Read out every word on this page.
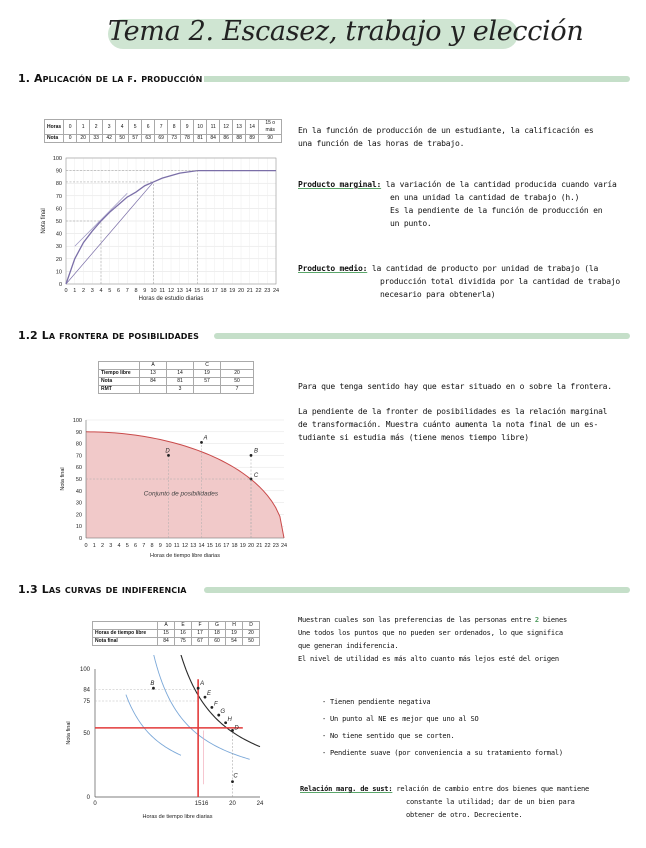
Tema 2. Escasez, trabajo y elección
1. Aplicación de la f. producción
Horas	0	1	2	3	4	5	6	7	8	9	10	11	12	13	14	15 o más
Nota	0	20	33	42	50	57	63	69	73	78	81	84	86	88	89	90
0
10
20
30
40
50
60
70
80
90
100
0 1 2 3 4 5 6 7 8 9 10 11 12 13 14 15 16 17 18 19 20 21 22 23 24
Nota final
Horas de estudio diarias
En la función de producción de un estudiante, la calificación es
una función de las horas de trabajo.
Producto marginal: la variación de la cantidad producida cuando varía
en una unidad la cantidad de trabajo (h.)
Es la pendiente de la función de producción en
un punto.
Producto medio: la cantidad de producto por unidad de trabajo (la
producción total dividida por la cantidad de trabajo
necesario para obtenerla)
1.2 La frontera de posibilidades
	A		C	
Tiempo libre	13	14	19	20
Nota	84	81	57	50
RMT		3		7
0
10
20
30
40
50
60
70
80
90
100
0 1 2 3 4 5 6 7 8 9 10 11 12 13 14 15 16 17 18 19 20 21 22 23 24
Nota final
Horas de tiempo libre diarias
Conjunto de posibilidades
D
A
B
C
Para que tenga sentido hay que estar situado en o sobre la frontera.
La pendiente de la fronter de posibilidades es la relación marginal
de transformación. Muestra cuánto aumenta la nota final de un es-
tudiante si estudia más (tiene menos tiempo libre)
1.3 Las curvas de indiferencia
	A	E	F	G	H	D
Horas de tiempo libre	15	16	17	18	19	20
Nota final	84	75	67	60	54	50
100
84
75
50
0
0	15 16	20	24
Nota final
Horas de tiempo libre diarias
B	A
E
F
G
H
D
C
Muestran cuales son las preferencias de las personas entre 2 bienes
Une todos los puntos que no pueden ser ordenados, lo que significa
que generan indiferencia.
El nivel de utilidad es más alto cuanto más lejos esté del origen
- Tienen pendiente negativa
- Un punto al NE es mejor que uno al SO
- No tiene sentido que se corten.
- Pendiente suave (por conveniencia a su tratamiento formal)
Relación marg. de sust: relación de cambio entre dos bienes que mantiene
constante la utilidad; dar de un bien para
obtener de otro. Decreciente.
